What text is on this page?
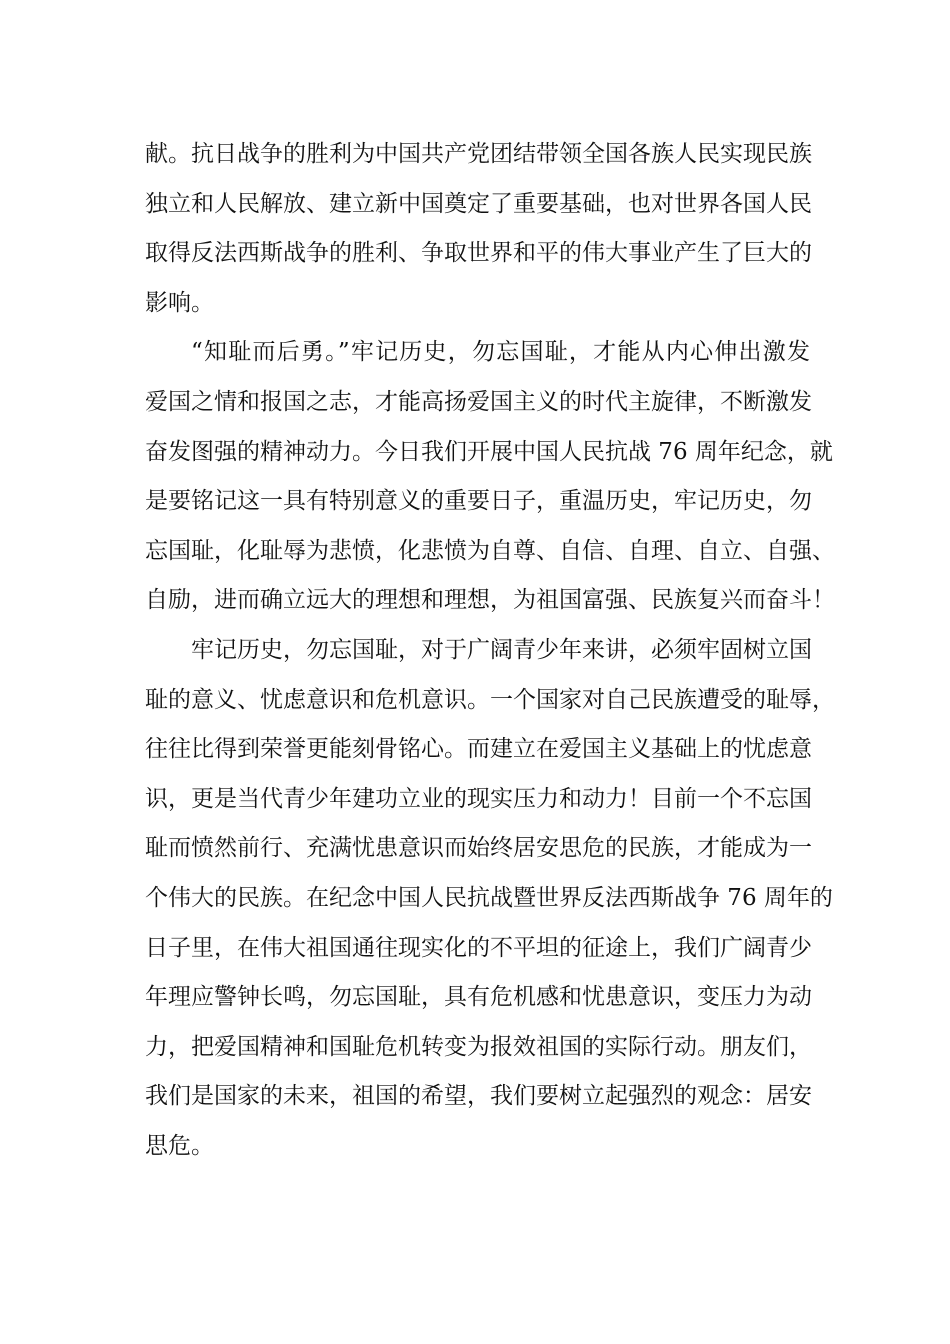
献。抗日战争的胜利为中国共产党团结带领全国各族人民实现民族
独立和人民解放、建立新中国奠定了重要基础，也对世界各国人民
取得反法西斯战争的胜利、争取世界和平的伟大事业产生了巨大的
影响。
“知耻而后勇。”牢记历史，勿忘国耻，才能从内心伸出激发
爱国之情和报国之志，才能高扬爱国主义的时代主旋律，不断激发
奋发图强的精神动力。今日我们开展中国人民抗战 76 周年纪念，就
是要铭记这一具有特别意义的重要日子，重温历史，牢记历史，勿
忘国耻，化耻辱为悲愤，化悲愤为自尊、自信、自理、自立、自强、
自励，进而确立远大的理想和理想，为祖国富强、民族复兴而奋斗！
牢记历史，勿忘国耻，对于广阔青少年来讲，必须牢固树立国
耻的意义、忧虑意识和危机意识。一个国家对自己民族遭受的耻辱，
往往比得到荣誉更能刻骨铭心。而建立在爱国主义基础上的忧虑意
识，更是当代青少年建功立业的现实压力和动力！目前一个不忘国
耻而愤然前行、充满忧患意识而始终居安思危的民族，才能成为一
个伟大的民族。在纪念中国人民抗战暨世界反法西斯战争 76 周年的
日子里，在伟大祖国通往现实化的不平坦的征途上，我们广阔青少
年理应警钟长鸣，勿忘国耻，具有危机感和忧患意识，变压力为动
力，把爱国精神和国耻危机转变为报效祖国的实际行动。朋友们，
我们是国家的未来，祖国的希望，我们要树立起强烈的观念：居安
思危。
